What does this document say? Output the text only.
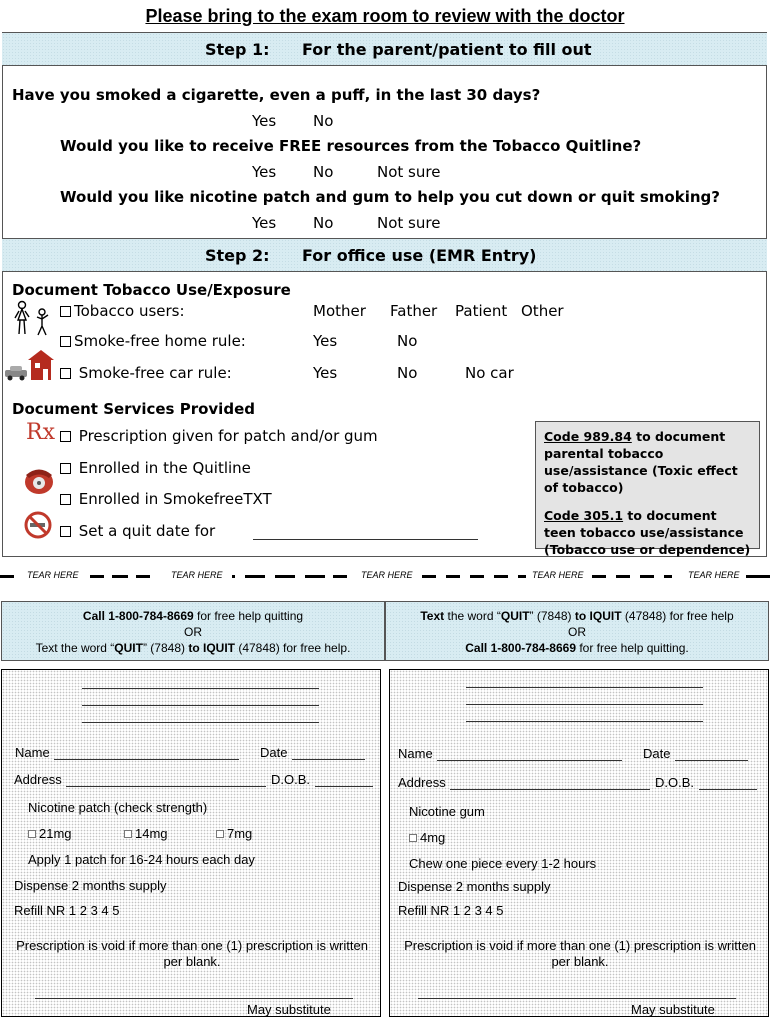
Please bring to the exam room to review with the doctor
Step 1: For the parent/patient to fill out
Have you smoked a cigarette, even a puff, in the last 30 days?
Yes No
Would you like to receive FREE resources from the Tobacco Quitline?
Yes No	Not sure
Would you like nicotine patch and gum to help you cut down or quit smoking?
Yes No	Not sure
Step 2: For office use (EMR Entry)
Document Tobacco Use/Exposure
Tobacco users:	Mother Father Patient Other
Smoke-free home rule:	Yes	No
Smoke-free car rule:	Yes	No	No car
Document Services Provided
Rx	Prescription given for patch and/or gum
Enrolled in the Quitline
Enrolled in SmokefreeTXT
Set a quit date for
Code 989.84 to document parental tobacco use/assistance (Toxic effect of tobacco)
Code 305.1 to document teen tobacco use/assistance (Tobacco use or dependence)
TEAR HERE	TEAR HERE	TEAR HERE	TEAR HERE	TEAR HERE
Call 1-800-784-8669 for free help quitting
OR
Text the word “QUIT” (7848) to IQUIT (47848) for free help.
Text the word “QUIT” (7848) to IQUIT (47848) for free help
OR
Call 1-800-784-8669 for free help quitting.
Name	Date
Address	D.O.B.
Nicotine patch (check strength)
21mg	14mg	7mg
Apply 1 patch for 16-24 hours each day
Dispense 2 months supply
Refill NR 1 2 3 4 5
Prescription is void if more than one (1) prescription is written per blank.
May substitute
Name	Date
Address	D.O.B.
Nicotine gum
4mg
Chew one piece every 1-2 hours
Dispense 2 months supply
Refill NR 1 2 3 4 5
Prescription is void if more than one (1) prescription is written per blank.
May substitute
